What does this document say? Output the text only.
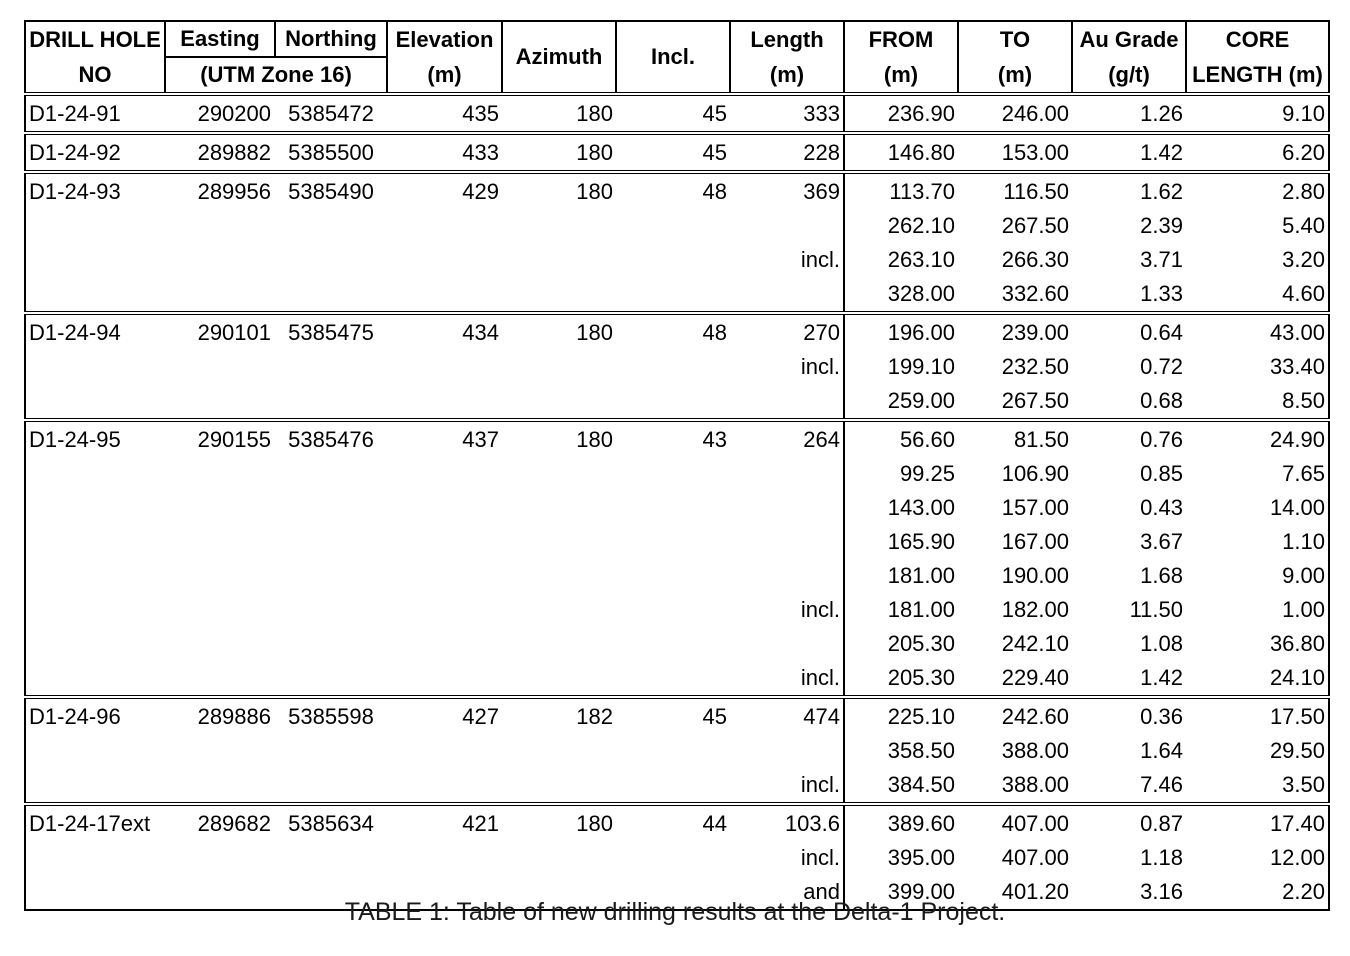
DRILL HOLE	Easting	Northing	Elevation	Azimuth	Incl.	Length	FROM	TO	Au Grade	CORE
NO	(UTM Zone 16)		(m)			(m)	(m)	(m)	(g/t)	LENGTH (m)
D1-24-91	290200	5385472	435	180	45	333	236.90	246.00	1.26	9.10
D1-24-92	289882	5385500	433	180	45	228	146.80	153.00	1.42	6.20
D1-24-93	289956	5385490	429	180	48	369	113.70	116.50	1.62	2.80
							262.10	267.50	2.39	5.40
						incl.	263.10	266.30	3.71	3.20
							328.00	332.60	1.33	4.60
D1-24-94	290101	5385475	434	180	48	270	196.00	239.00	0.64	43.00
						incl.	199.10	232.50	0.72	33.40
							259.00	267.50	0.68	8.50
D1-24-95	290155	5385476	437	180	43	264	56.60	81.50	0.76	24.90
							99.25	106.90	0.85	7.65
							143.00	157.00	0.43	14.00
							165.90	167.00	3.67	1.10
							181.00	190.00	1.68	9.00
						incl.	181.00	182.00	11.50	1.00
							205.30	242.10	1.08	36.80
						incl.	205.30	229.40	1.42	24.10
D1-24-96	289886	5385598	427	182	45	474	225.10	242.60	0.36	17.50
							358.50	388.00	1.64	29.50
						incl.	384.50	388.00	7.46	3.50
D1-24-17ext	289682	5385634	421	180	44	103.6	389.60	407.00	0.87	17.40
						incl.	395.00	407.00	1.18	12.00
						and	399.00	401.20	3.16	2.20
TABLE 1: Table of new drilling results at the Delta-1 Project.
